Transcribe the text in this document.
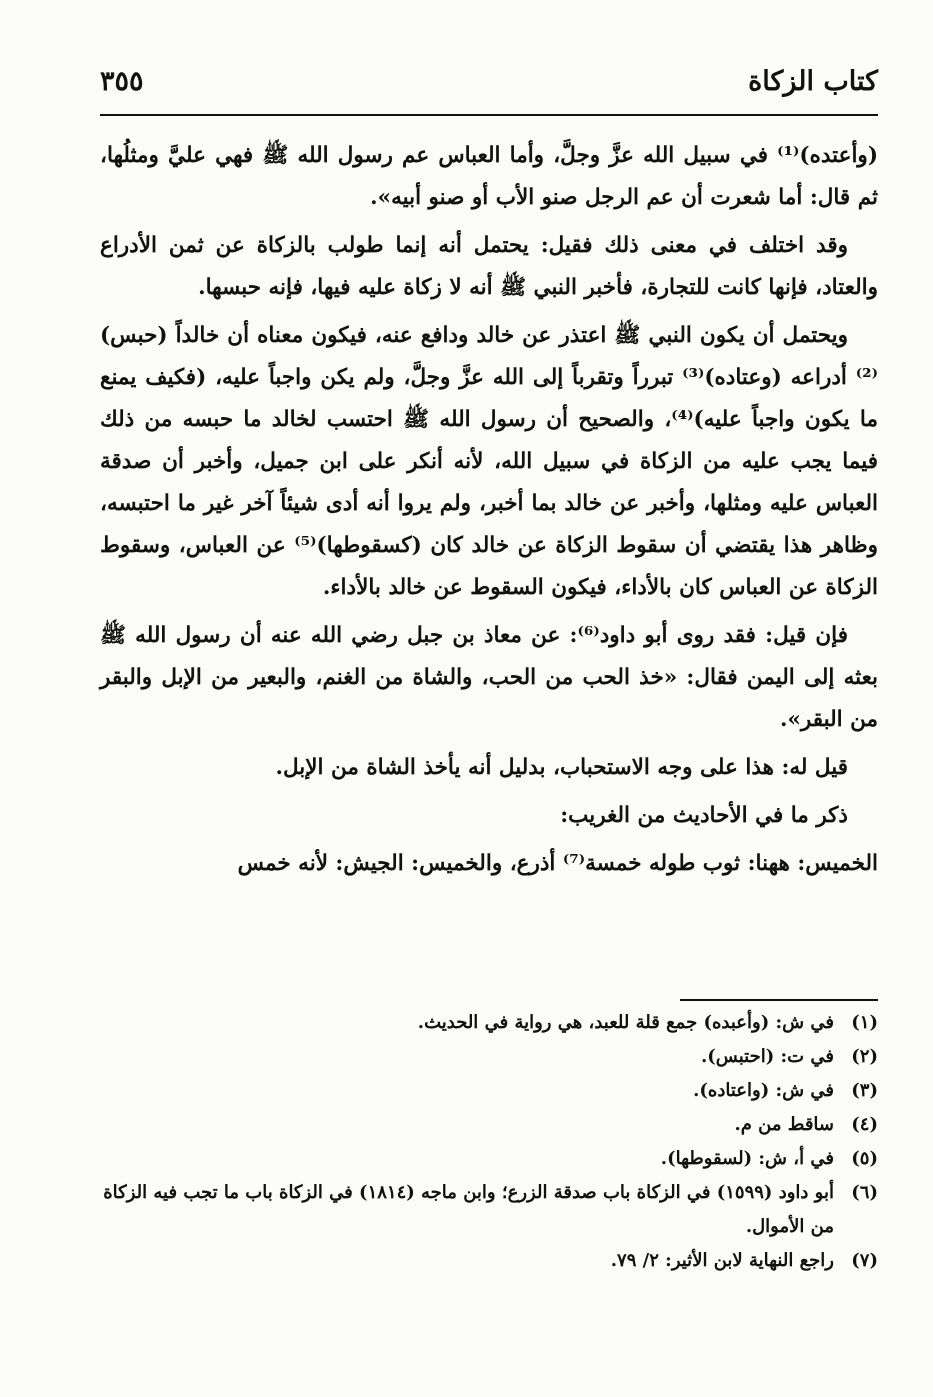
كتاب الزكاة
٣٥٥

(وأعتده)⁽¹⁾ في سبيل الله عزَّ وجلَّ، وأما العباس عم رسول الله ﷺ فهي عليَّ ومثلُها، ثم قال: أما شعرت أن عم الرجل صنو الأب أو صنو أبيه».

وقد اختلف في معنى ذلك فقيل: يحتمل أنه إنما طولب بالزكاة عن ثمن الأدراع والعتاد، فإنها كانت للتجارة، فأخبر النبي ﷺ أنه لا زكاة عليه فيها، فإنه حبسها.

ويحتمل أن يكون النبي ﷺ اعتذر عن خالد ودافع عنه، فيكون معناه أن خالداً (حبس)⁽²⁾ أدراعه (وعتاده)⁽³⁾ تبرراً وتقرباً إلى الله عزَّ وجلَّ، ولم يكن واجباً عليه، (فكيف يمنع ما يكون واجباً عليه)⁽⁴⁾، والصحيح أن رسول الله ﷺ احتسب لخالد ما حبسه من ذلك فيما يجب عليه من الزكاة في سبيل الله، لأنه أنكر على ابن جميل، وأخبر أن صدقة العباس عليه ومثلها، وأخبر عن خالد بما أخبر، ولم يروا أنه أدى شيئاً آخر غير ما احتبسه، وظاهر هذا يقتضي أن سقوط الزكاة عن خالد كان (كسقوطها)⁽⁵⁾ عن العباس، وسقوط الزكاة عن العباس كان بالأداء، فيكون السقوط عن خالد بالأداء.

فإن قيل: فقد روى أبو داود⁽⁶⁾: عن معاذ بن جبل رضي الله عنه أن رسول الله ﷺ بعثه إلى اليمن فقال: «خذ الحب من الحب، والشاة من الغنم، والبعير من الإبل والبقر من البقر».

قيل له: هذا على وجه الاستحباب، بدليل أنه يأخذ الشاة من الإبل.

ذكر ما في الأحاديث من الغريب:

الخميس: ههنا: ثوب طوله خمسة⁽⁷⁾ أذرع، والخميس: الجيش: لأنه خمس

(١)
في ش: (وأعبده) جمع قلة للعبد، هي رواية في الحديث.
(٢)
في ت: (احتبس).
(٣)
في ش: (واعتاده).
(٤)
ساقط من م.
(٥)
في أ، ش: (لسقوطها).
(٦)
أبو داود (١٥٩٩) في الزكاة باب صدقة الزرع؛ وابن ماجه (١٨١٤) في الزكاة باب ما تجب فيه الزكاة من الأموال.
(٧)
راجع النهاية لابن الأثير: ٢/ ٧٩.
